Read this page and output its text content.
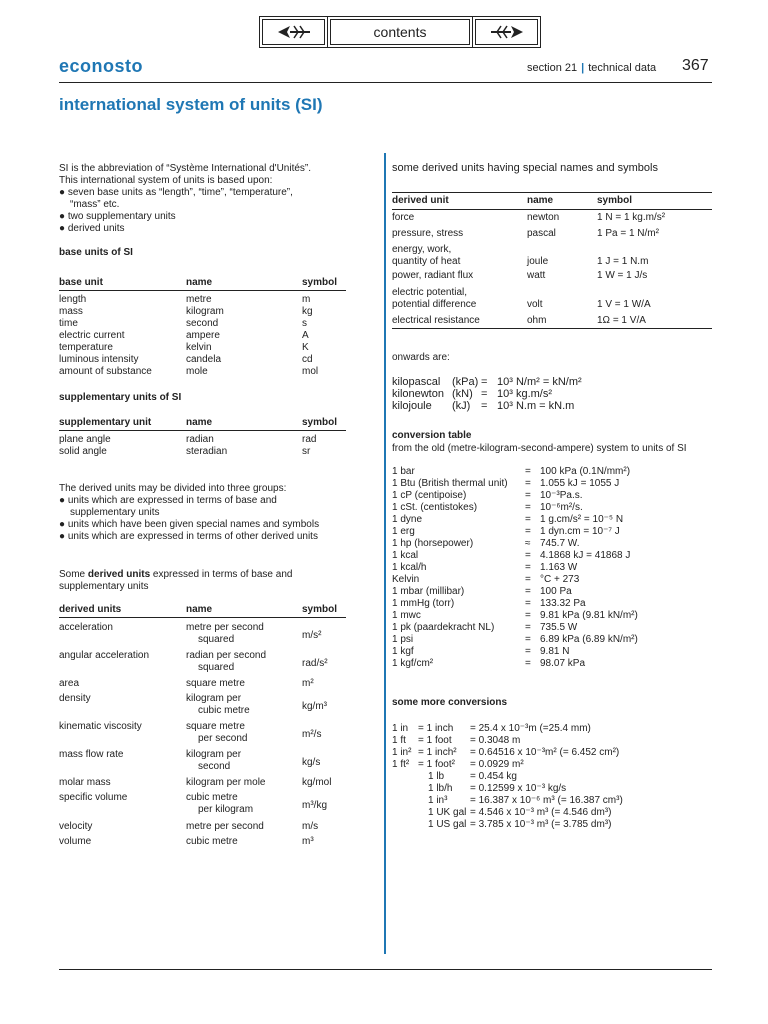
contents
econosto	section 21 | technical data 367
international system of units (SI)
SI is the abbreviation of “Système International d'Unités”.
This international system of units is based upon:
● seven base units as “length”, “time”, “temperature”,
“mass” etc.
● two supplementary units
● derived units
base units of SI
base unit	name	symbol
length	metre	m
mass	kilogram	kg
time	second	s
electric current	ampere	A
temperature	kelvin	K
luminous intensity	candela	cd
amount of substance	mole	mol
supplementary units of SI
supplementary unit	name	symbol
plane angle	radian	rad
solid angle	steradian	sr
The derived units may be divided into three groups:
● units which are expressed in terms of base and
supplementary units
● units which have been given special names and symbols
● units which are expressed in terms of other derived units
Some derived units expressed in terms of base and
supplementary units
derived units	name	symbol
acceleration	metre per second
squared	m/s²
angular acceleration	radian per second
squared	rad/s²
area	square metre	m²
density	kilogram per
cubic metre	kg/m³
kinematic viscosity	square metre
per second	m²/s
mass flow rate	kilogram per
second	kg/s
molar mass	kilogram per mole	kg/mol
specific volume	cubic metre
per kilogram	m³/kg
velocity	metre per second	m/s
volume	cubic metre	m³
some derived units having special names and symbols
derived unit	name	symbol
force	newton	1 N = 1 kg.m/s²
pressure, stress	pascal	1 Pa = 1 N/m²
energy, work,
quantity of heat	joule	1 J = 1 N.m
power, radiant flux	watt	1 W = 1 J/s
electric potential,
potential difference	volt	1 V = 1 W/A
electrical resistance	ohm	1Ω = 1 V/A
onwards are:
kilopascal (kPa) = 10³ N/m² = kN/m²
kilonewton (kN) = 10³ kg.m/s²
kilojoule (kJ) = 10³ N.m = kN.m
conversion table
from the old (metre-kilogram-second-ampere) system to units of SI
1 bar	= 100 kPa (0.1N/mm²)
1 Btu (British thermal unit) = 1.055 kJ = 1055 J
1 cP (centipoise)	= 10⁻³Pa.s.
1 cSt. (centistokes)	= 10⁻⁶m²/s.
1 dyne	= 1 g.cm/s² = 10⁻⁵ N
1 erg	= 1 dyn.cm = 10⁻⁷ J
1 hp (horsepower)	≈ 745.7 W.
1 kcal	= 4.1868 kJ = 41868 J
1 kcal/h	= 1.163 W
Kelvin	= °C + 273
1 mbar (millibar)	= 100 Pa
1 mmHg (torr)	= 133.32 Pa
1 mwc	= 9.81 kPa (9.81 kN/m²)
1 pk (paardekracht NL)	= 735.5 W
1 psi	= 6.89 kPa (6.89 kN/m²)
1 kgf	= 9.81 N
1 kgf/cm²	= 98.07 kPa
some more conversions
1 in = 1 inch = 25.4 x 10⁻³m (=25.4 mm)
1 ft = 1 foot = 0.3048 m
1 in² = 1 inch² = 0.64516 x 10⁻³m² (= 6.452 cm²)
1 ft² = 1 foot² = 0.0929 m²
1 lb	= 0.454 kg
1 lb/h = 0.12599 x 10⁻³ kg/s
1 in³ = 16.387 x 10⁻⁶ m³ (= 16.387 cm³)
1 UK gal = 4.546 x 10⁻³ m³ (= 4.546 dm³)
1 US gal = 3.785 x 10⁻³ m³ (= 3.785 dm³)
